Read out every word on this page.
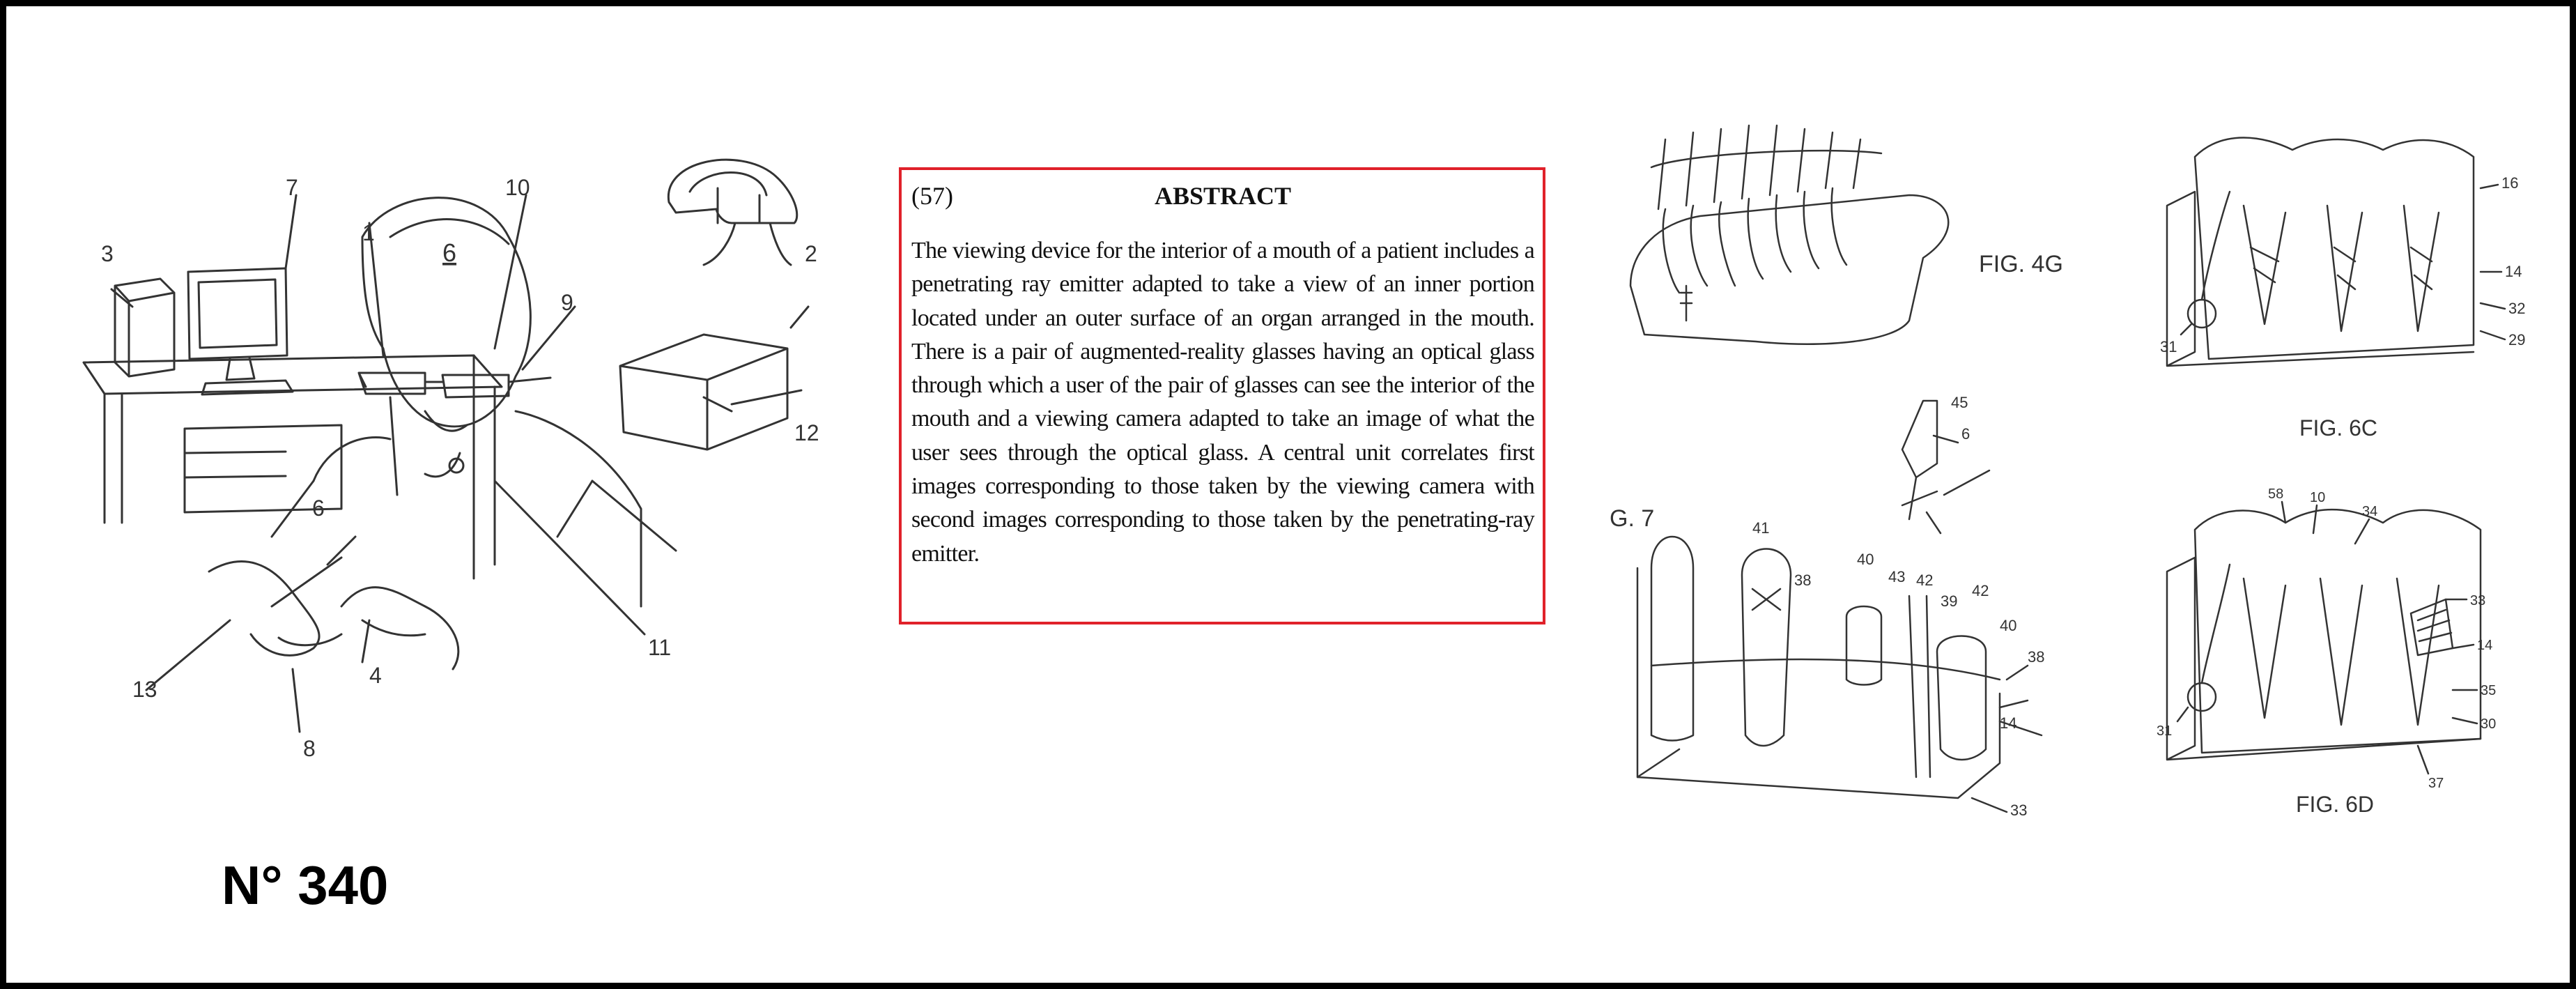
3
7
1
6
10
9
2
12
6
11
13
4
8
(57)	ABSTRACT
The viewing device for the interior of a mouth of a patient includes a penetrating ray emitter adapted to take a view of an inner portion located under an outer surface of an organ arranged in the mouth. There is a pair of augmented-reality glasses having an optical glass through which a user of the pair of glasses can see the interior of the mouth and a viewing camera adapted to take an image of what the user sees through the optical glass. A central unit correlates first images corresponding to those taken by the viewing camera with second images corresponding to those taken by the penetrating-ray emitter.
FIG. 4G
16
14
32
29
31
FIG. 6C
G. 7	41
38
40
43 42
39
42
40
38
14
6
45
33
58 10
34
33
14
35
30
31
37
FIG. 6D
N° 340
